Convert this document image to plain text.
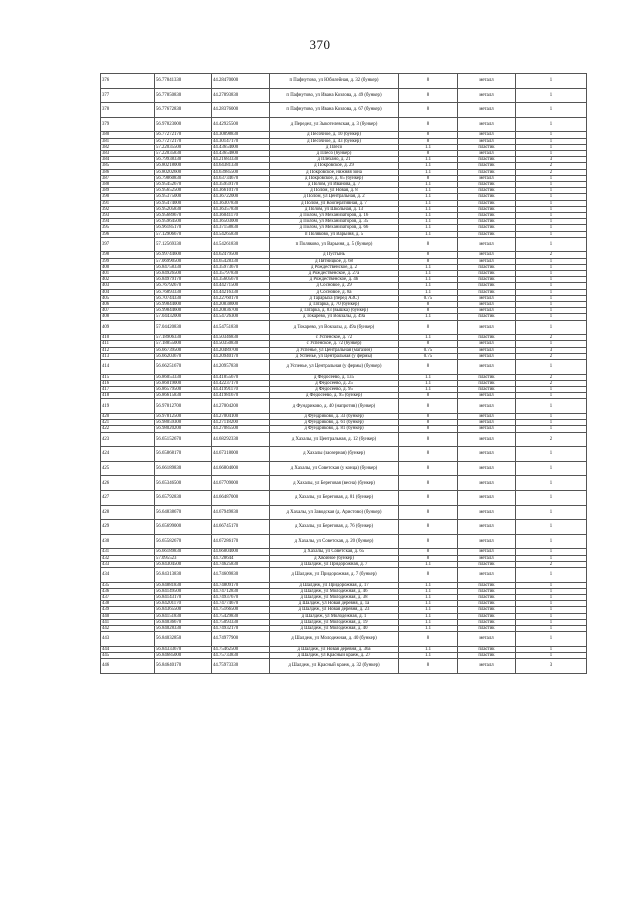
370
376	56.77841330	44.28470000	п Пафнутово, ул Юбилейная, д. 32 (бункер)	8	металл	1
377	56.77850830	44.27893830	п Пафнутово, ул Ивана Козлова, д. 49 (бункер)	8	металл	1
378	56.77672830	44.28376000	п Пафнутово, ул Ивана Козлова, д. 67 (бункер)	8	металл	1
379	56.97823000	44.42925500	д Передел, ул Зыкотелевская, д. 3 (бункер)	8	металл	1
380	56.77272170	44.30898830	д Песочное, д. 10 (бункер)	8	металл	1
381	56.77272170	44.30147170	д Песочное, д. 43 (бункер)	8	металл	1
382	57.22035500	44.43654000	д Плесо	1.1	пластик	1
383	57.22035830	44.43654800	д Плесо (бункер)	8	металл	1
384	56.79938330	44.21683330	д Плехано, д. 21	1.1	пластик	3
385	56.80218000	44.64381330	д Покровское, д. 29	1.1	пластик	2
386	56.80202600	44.63985500	д Покровское, нижняя зона	1.1	пластик	2
387	56.79860830	44.63734670	д Покровское, д. 65 (бункер)	8	металл	1
388	56.95452670	44.35959170	д Полом, ул Иванова, д. 7	1.1	пластик	1
389	56.95652500	44.36610170	д Полом, ул Новая, д. 8	1.1	пластик	1
390	56.95375000	44.36722000	д Полом, ул Центральная, д. 2	1.1	пластик	1
391	56.95474000	44.36307830	д Полом, ул Кооперативная, д. 7	1.1	пластик	1
392	56.95205830	44.36357830	д Полом, ул Школьная, д. 13	1.1	пластик	1
393	56.95689670	44.36041170	д Полом, ул Механизаторов, д. 16	1.1	пластик	1
394	56.95964500	44.36503000	д Полом, ул Механизаторов, д. 35	1.1	пластик	1
395	56.96185170	44.37158830	д Полом, ул Механизаторов, д. 66	1.1	пластик	1
396	57.12906670	44.54265830	п Поляково, ул Варьиня, д. 5	1.1	пластик	1
397	57.12569330	44.54261830	п Поляково, ул Варьиня, д. 5 (бункер)	8	металл	1
398	56.99744600	44.62479500	д Пустынь	8	металл	2
399	57.06990500	44.65428330	д Пятницкое, д. 68	8	металл	1
400	56.84758330	44.35973670	д Рождественское, д. 2	1.1	пластик	1
401	56.84926500	44.35797830	д Рождественское, д. 27а	1.1	пластик	1
402	56.84979170	44.35605670	д Рождественское, д. 4б	1.1	пластик	1
403	56.76792670	44.44271500	д Сосновое, д. 29	1.1	пластик	1
404	56.76893330	44.44216330	д Сосновое, д. 8а	1.1	пластик	1
405	56.70744330	44.22760170	д Тарарыха (перед АЗС)	0.75	металл	1
406	56.99844000	44.20838000	д Татарка, д. 70 (бункер)	8	металл	1
407	56.99844600	44.20836700	д Татарка, д. 83 (вышка) (бункер)	8	металл	1
408	57.04432000	44.54726300	д Токарево, ул Вокзалы, д. 49а	1.1	пластик	1
409	57.04420830	44.54751830	д Токарево, ул Вокзалы, д. 49а (бункер)	8	металл	1
410	57.18906330	44.50346830	с Успенское, д. 72	1.1	пластик	2
411	57.18855000	44.50350830	с Успенское, д. 72 (бункер)	8	металл	1
412	56.66739500	44.20489700	д Успенье, ул Центральная (магазин)	0.75	металл	3
413	56.66203670	44.20940170	д Успенье, ул Центральная (у фермы)	0.75	металл	2
414	56.66251670	44.20957830	д Успенье, ул Центральная (у фермы) (бункер)	8	металл	1
415	56.86053330	44.41855670	д Федосеево, д. 135	1.1	пластик	2
416	56.86019000	44.42237170	д Федосеево, д. 25	1.1	пластик	2
417	56.86579500	44.41991170	д Федосеево, д. 95	1.1	пластик	1
418	56.86615830	44.41981670	д Федосеево, д. 95 (бункер)	8	металл	1
419	56.97812700	44.27004200	д Фундриково, д. 40 (напротив) (бункер)	8	металл	1
420	56.97812500	44.27004100	д Фундриково, д. 33 (бункер)	8	металл	1
421	56.98059300	44.27118200	д Фундриково, д. 61 (бункер)	8	металл	1
422	56.98020200	44.27085500	д Фундриково, д. 81 (бункер)	8	металл	1
423	56.65152670	44.68292330	д Хахалы, ул Центральная, д. 12 (бункер)	8	металл	2
424	56.65868170	44.67318000	д Хахалы (заозерная) (бункер)	8	металл	1
425	56.66189830	44.66804000	д Хахалы, ул Советская (у конца) (бункер)	8	металл	1
426	56.65346500	44.67709000	д Хахалы, ул Береговая (весна) (бункер)	8	металл	1
427	56.65792830	44.66487000	д Хахалы, ул Береговая, д. 81 (бункер)	8	металл	1
428	56.64838670	44.67949830	д Хахалы, ул Заводская (д. Аристово) (бункер)	8	металл	1
429	56.65699000	44.66745170	д Хахалы, ул Береговая, д. 76 (бункер)	8	металл	1
430	56.65582670	44.67286170	д Хахалы, ул Советская, д. 20 (бункер)	8	металл	1
431	56.66189830	44.66804000	д Хахалы, ул Советская, д. 65	8	металл	1
432	57.095523	44.728644	д Хвойное (бункер)	8	металл	1
433	56.84304500	44.74625830	д Шалдеж, ул Придорожная, д. 7	1.1	пластик	2
434	56.84313830	44.74609830	д Шалдеж, ул Придорожная, д. 7 (бункер)	8	металл	1
435	56.84881830	44.74809170	д Шалдеж, ул Придорожная, д. 17	1.1	пластик	1
436	56.84149500	44.74712830	д Шалдеж, ул Молодежная, д. 46	1.1	пластик	1
437	56.84143170	44.74937670	д Шалдеж, ул Молодежная, д. 38	1.1	пластик	1
438	56.84201170	44.74774670	д Шалдеж, ул Новая деревня, д. 1а	1.1	пластик	1
439	56.84365500	44.75166500	д Шалдеж, ул Новая деревня, д. 23	1.1	пластик	1
440	56.84151830	44.75429830	д Шалдеж, ул Молодежная, д. 1	1.1	пластик	1
441	56.84036670	44.75093330	д Шалдеж, ул Молодежная, д. 19	1.1	пластик	1
442	56.84028330	44.74932170	д Шалдеж, ул Молодежная, д. 40	1.1	пластик	1
443	56.84032850	44.74977900	д Шалдеж, ул Молодежная, д. 40 (бункер)	8	металл	1
444	56.84333670	44.75462500	д Шалдеж, ул Новая деревня, д. 36а	1.1	пластик	1
445	56.84685000	44.75733830	д Шалдеж, ул Красный краеж, д. 27	1.1	пластик	1
446	56.84640170	44.75973330	д Шалдеж, ул Красный краеж, д. 32 (бункер)	8	металл	3
